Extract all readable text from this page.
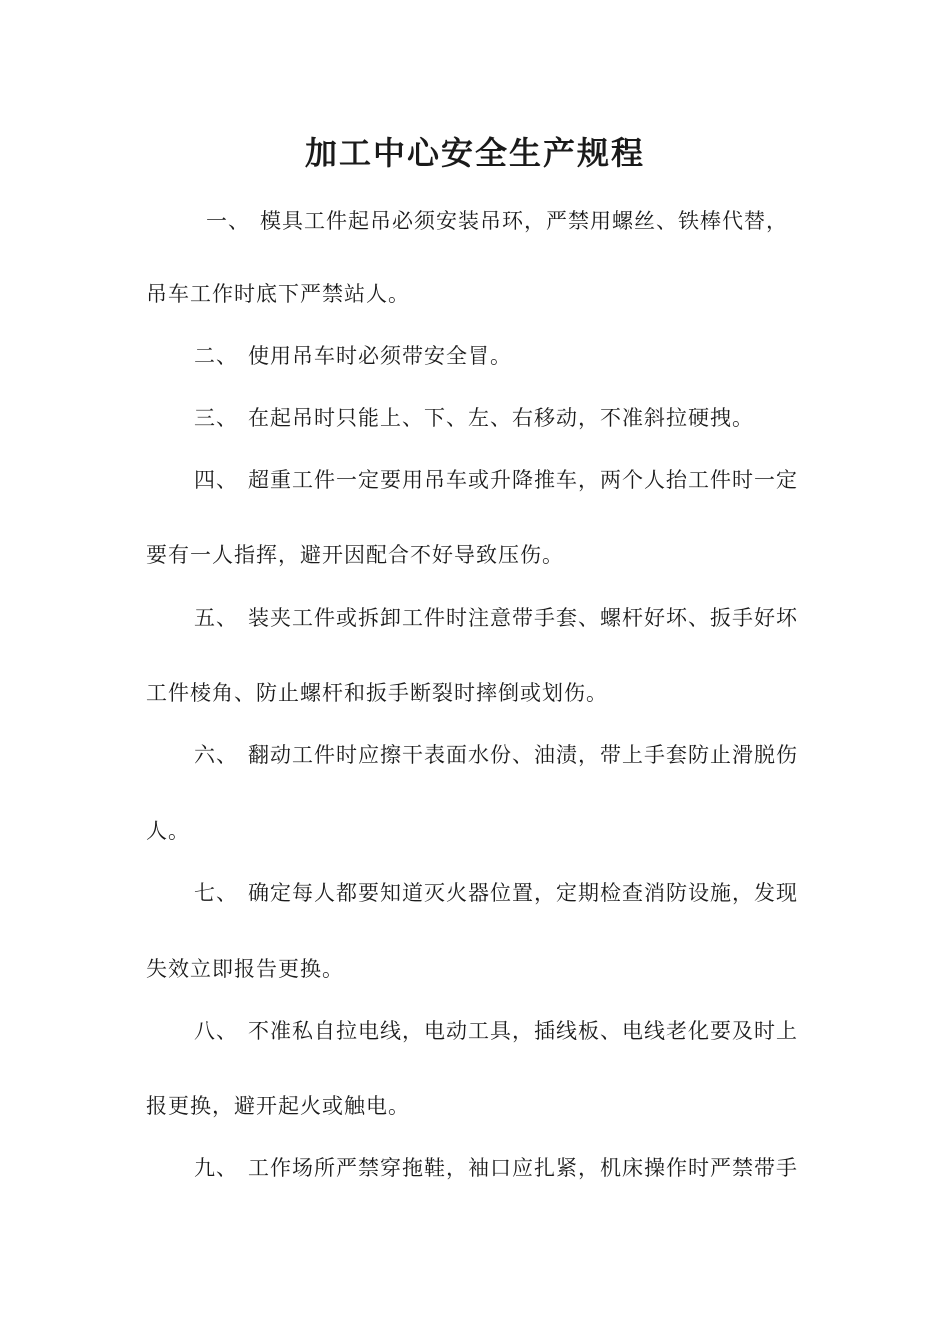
加工中心安全生产规程
一、 模具工件起吊必须安装吊环，严禁用螺丝、铁棒代替，
吊车工作时底下严禁站人。
二、 使用吊车时必须带安全冒。
三、 在起吊时只能上、下、左、右移动，不准斜拉硬拽。
四、 超重工件一定要用吊车或升降推车，两个人抬工件时一定
要有一人指挥，避开因配合不好导致压伤。
五、 装夹工件或拆卸工件时注意带手套、螺杆好坏、扳手好坏
工件棱角、防止螺杆和扳手断裂时摔倒或划伤。
六、 翻动工件时应擦干表面水份、油渍，带上手套防止滑脱伤
人。
七、 确定每人都要知道灭火器位置，定期检查消防设施，发现
失效立即报告更换。
八、 不准私自拉电线，电动工具，插线板、电线老化要及时上
报更换，避开起火或触电。
九、 工作场所严禁穿拖鞋，袖口应扎紧，机床操作时严禁带手
